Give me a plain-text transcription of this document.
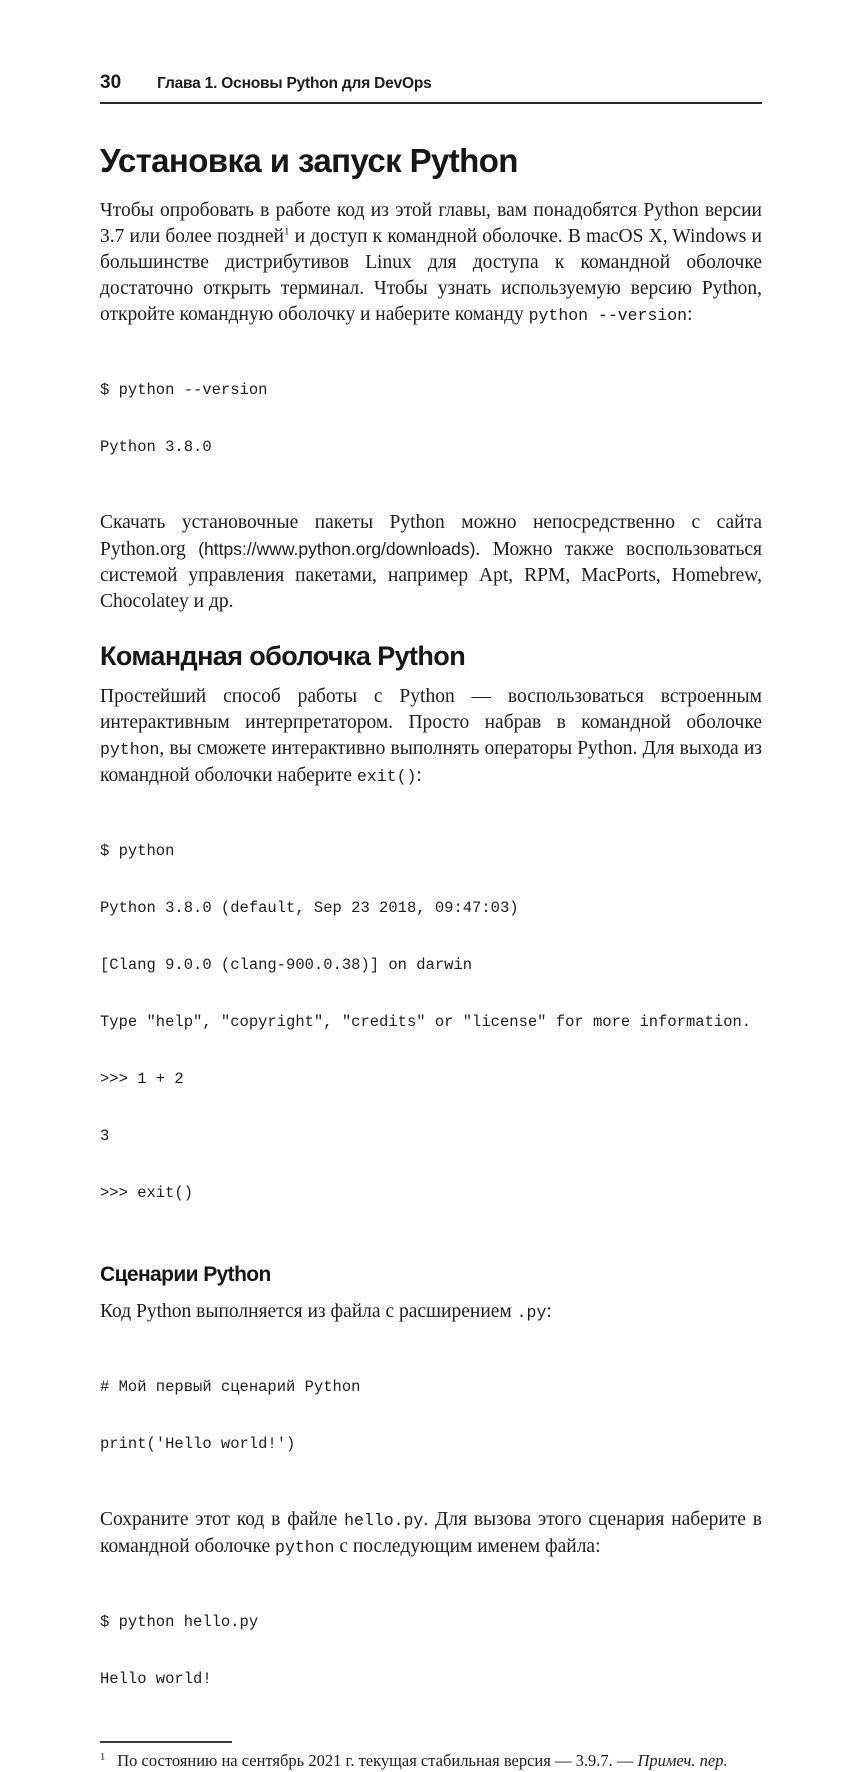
30 Глава 1. Основы Python для DevOps
Установка и запуск Python

Чтобы опробовать в работе код из этой главы, вам понадобятся Python версии 3.7 или более поздней$^1$ и доступ к командной оболочке. В macOS X, Windows и большинстве дистрибутивов Linux для доступа к командной оболочке достаточно открыть терминал. Чтобы узнать используемую версию Python, откройте командную оболочку и наберите команду python --version:

$ python --version

Python 3.8.0

Скачать установочные пакеты Python можно непосредственно с сайта Python.org (https://www.python.org/downloads). Можно также воспользоваться системой управления пакетами, например Apt, RPM, MacPorts, Homebrew, Chocolatey и др.

Командная оболочка Python

Простейший способ работы с Python — воспользоваться встроенным интерактивным интерпретатором. Просто набрав в командной оболочке python, вы сможете интерактивно выполнять операторы Python. Для выхода из командной оболочки наберите exit():

$ python

Python 3.8.0 (default, Sep 23 2018, 09:47:03)

[Clang 9.0.0 (clang-900.0.38)] on darwin

Type "help", "copyright", "credits" or "license" for more information.

>>> 1 + 2

3

>>> exit()

Сценарии Python

Код Python выполняется из файла с расширением .py:

# Мой первый сценарий Python

print('Hello world!')

Сохраните этот код в файле hello.py. Для вызова этого сценария наберите в командной оболочке python с последующим именем файла:

$ python hello.py

Hello world!

$^1$ По состоянию на сентябрь 2021 г. текущая стабильная версия — 3.9.7. — Примеч. пер.
